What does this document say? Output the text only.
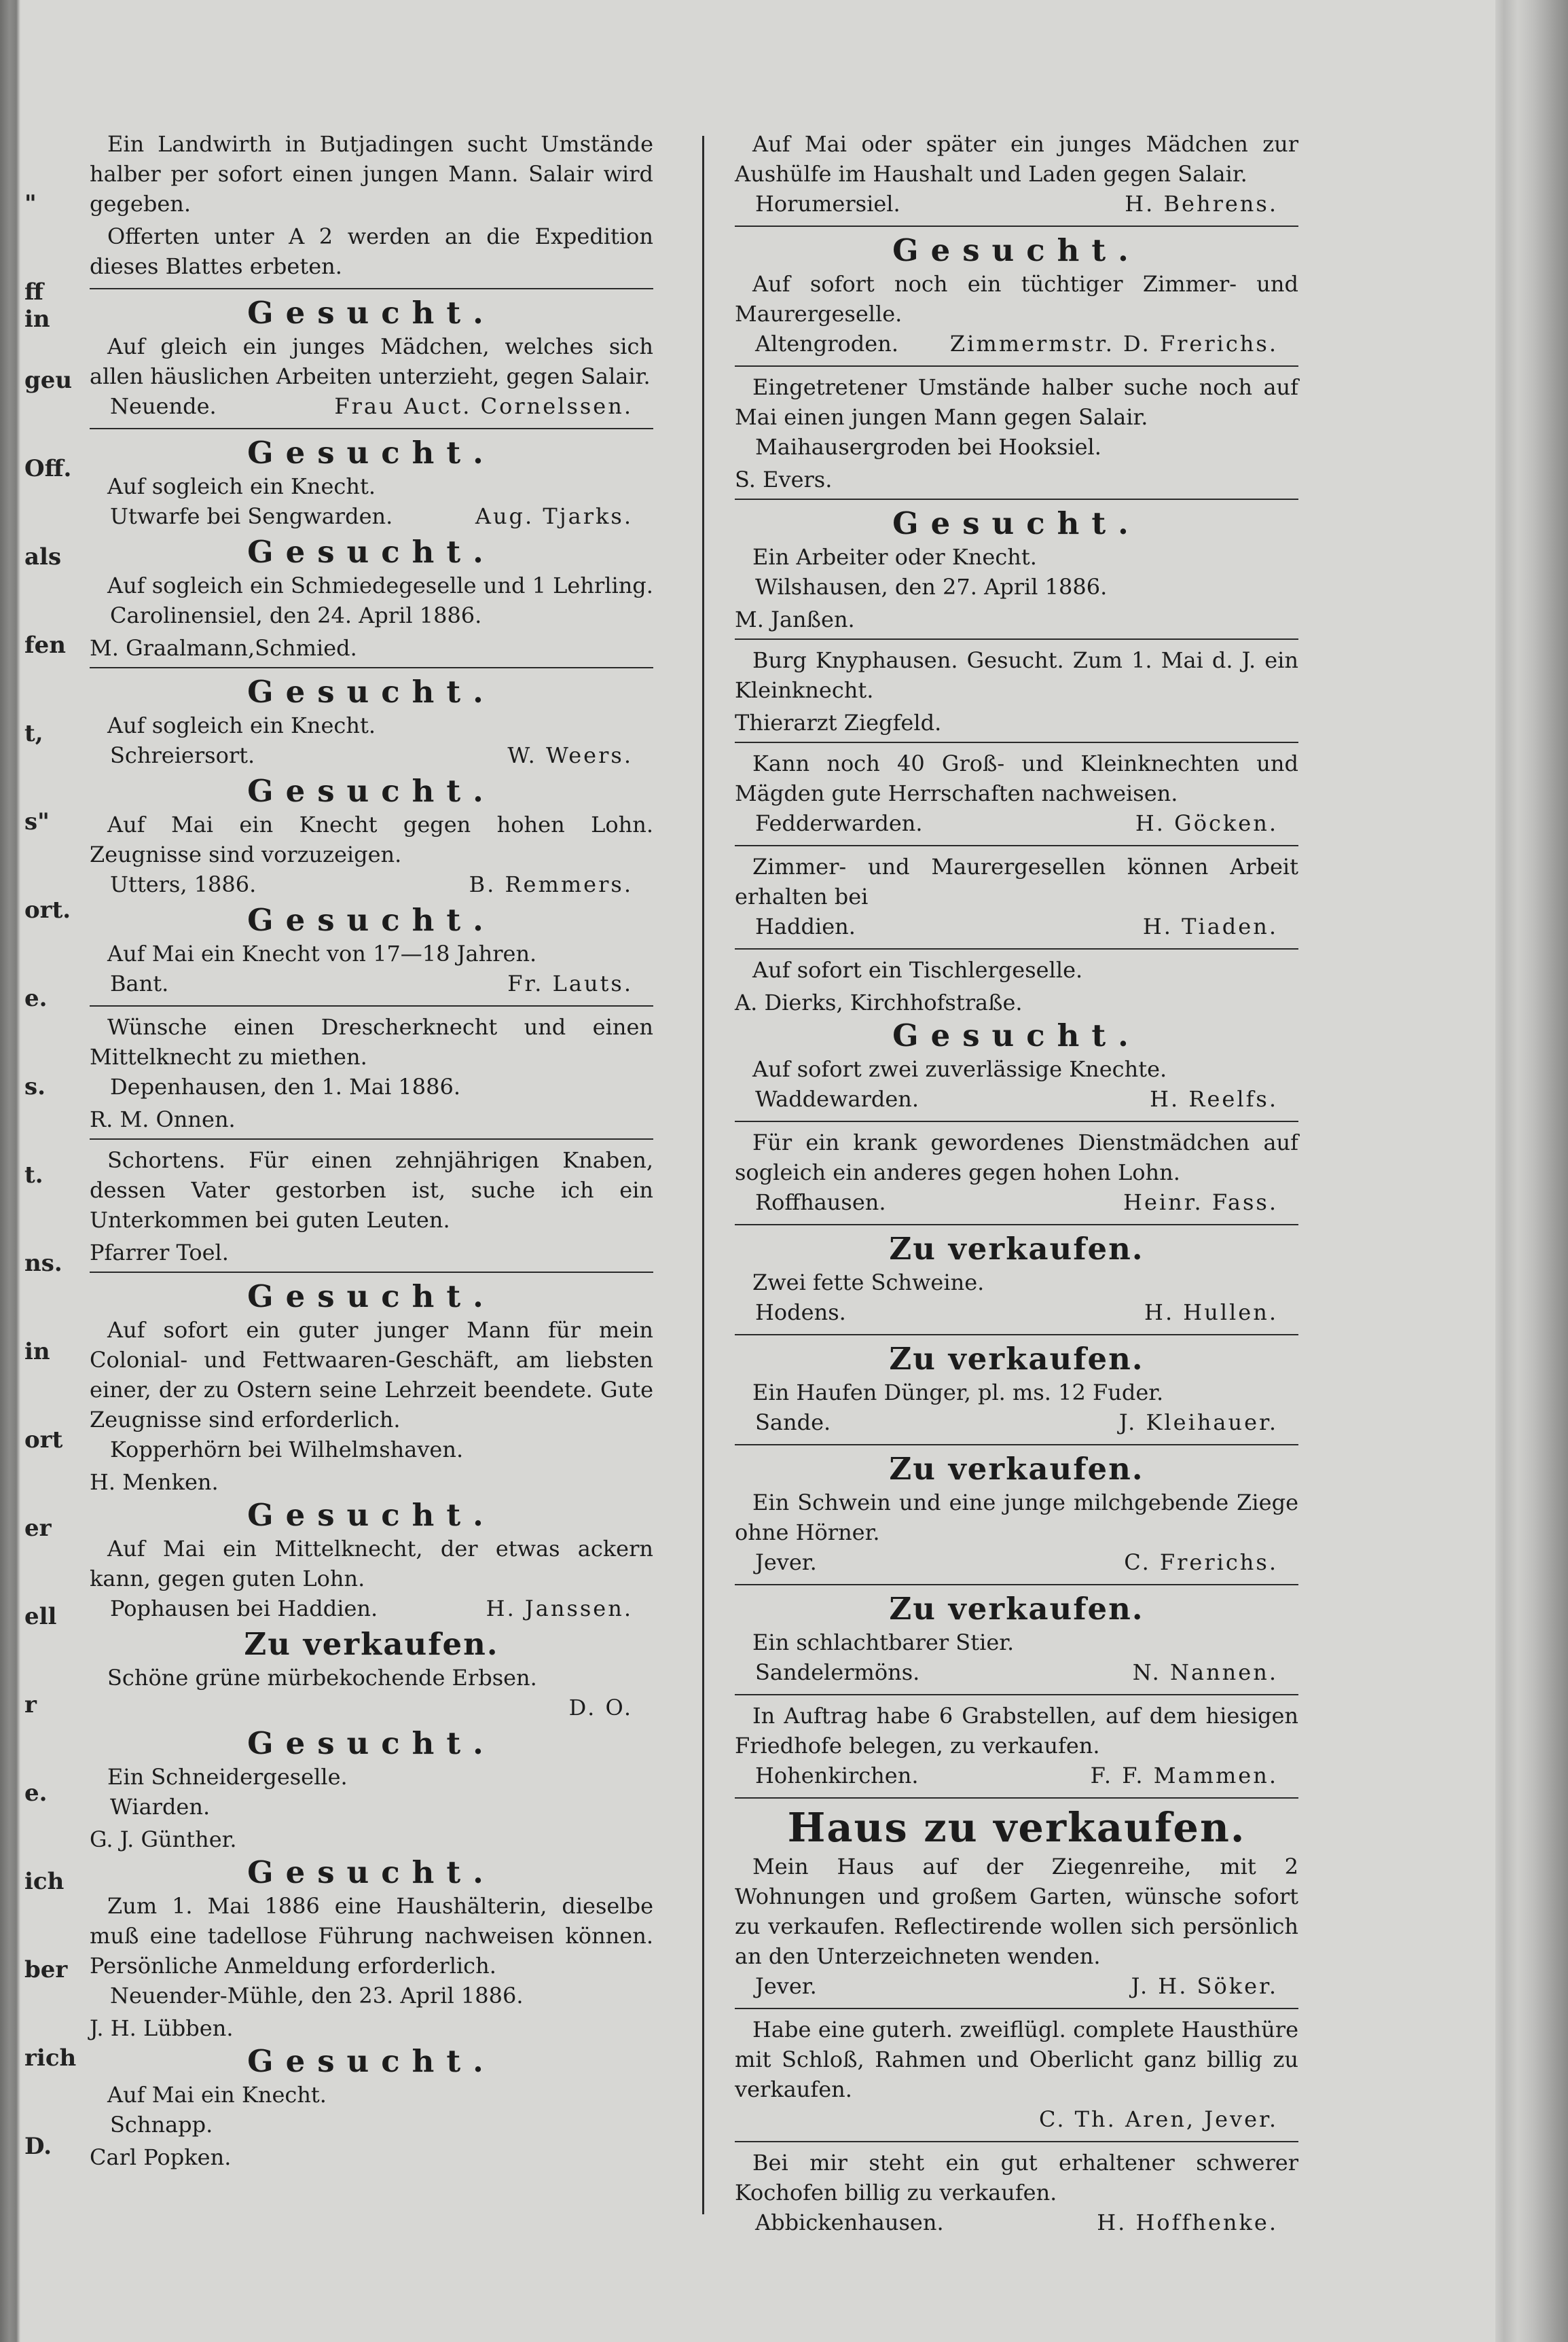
"
ff in
geu
Off.
als
fen
t,
s"
ort.
e.
s.
t.
ns.
in
ort
er
ell
r
e.
ich
ber
rich
D.
Ein Landwirth in Butjadingen sucht Umstände halber per sofort einen jungen Mann. Salair wird gegeben.
Offerten unter A 2 werden an die Expedition dieses Blattes erbeten.
Gesucht.
Auf gleich ein junges Mädchen, welches sich allen häuslichen Arbeiten unterzieht, gegen Salair.
Neuende.	Frau Auct. Cornelssen.
Gesucht.
Auf sogleich ein Knecht.
Utwarfe bei Sengwarden.	Aug. Tjarks.
Gesucht.
Auf sogleich ein Schmiedegeselle und 1 Lehrling.
Carolinensiel, den 24. April 1886.
M. Graalmann,Schmied.
Gesucht.
Auf sogleich ein Knecht.
Schreiersort.	W. Weers.
Gesucht.
Auf Mai ein Knecht gegen hohen Lohn. Zeugnisse sind vorzuzeigen.
Utters, 1886.	B. Remmers.
Gesucht.
Auf Mai ein Knecht von 17—18 Jahren.
Bant.	Fr. Lauts.
Wünsche einen Drescherknecht und einen Mittelknecht zu miethen.
Depenhausen, den 1. Mai 1886.
R. M. Onnen.
Schortens. Für einen zehnjährigen Knaben, dessen Vater gestorben ist, suche ich ein Unterkommen bei guten Leuten.
Pfarrer Toel.
Gesucht.
Auf sofort ein guter junger Mann für mein Colonial- und Fettwaaren-Geschäft, am liebsten einer, der zu Ostern seine Lehrzeit beendete. Gute Zeugnisse sind erforderlich.
Kopperhörn bei Wilhelmshaven.
H. Menken.
Gesucht.
Auf Mai ein Mittelknecht, der etwas ackern kann, gegen guten Lohn.
Pophausen bei Haddien.	H. Janssen.
Zu verkaufen.
Schöne grüne mürbekochende Erbsen.
D. O.
Gesucht.
Ein Schneidergeselle.
Wiarden.
G. J. Günther.
Gesucht.
Zum 1. Mai 1886 eine Haushälterin, dieselbe muß eine tadellose Führung nachweisen können. Persönliche Anmeldung erforderlich.
Neuender-Mühle, den 23. April 1886.
J. H. Lübben.
Gesucht.
Auf Mai ein Knecht.
Schnapp.
Carl Popken.
Auf Mai oder später ein junges Mädchen zur Aushülfe im Haushalt und Laden gegen Salair.
Horumersiel.	H. Behrens.
Gesucht.
Auf sofort noch ein tüchtiger Zimmer- und Maurergeselle.
Altengroden. Zimmermstr. D. Frerichs.
Eingetretener Umstände halber suche noch auf Mai einen jungen Mann gegen Salair.
Maihausergroden bei Hooksiel.
S. Evers.
Gesucht.
Ein Arbeiter oder Knecht.
Wilshausen, den 27. April 1886.
M. Janßen.
Burg Knyphausen. Gesucht. Zum 1. Mai d. J. ein Kleinknecht.
Thierarzt Ziegfeld.
Kann noch 40 Groß- und Kleinknechten und Mägden gute Herrschaften nachweisen.
Fedderwarden.	H. Göcken.
Zimmer- und Maurergesellen können Arbeit erhalten bei
Haddien.	H. Tiaden.
Auf sofort ein Tischlergeselle.
A. Dierks, Kirchhofstraße.
Gesucht.
Auf sofort zwei zuverlässige Knechte.
Waddewarden.	H. Reelfs.
Für ein krank gewordenes Dienstmädchen auf sogleich ein anderes gegen hohen Lohn.
Roffhausen.	Heinr. Fass.
Zu verkaufen.
Zwei fette Schweine.
Hodens.	H. Hullen.
Zu verkaufen.
Ein Haufen Dünger, pl. ms. 12 Fuder.
Sande.	J. Kleihauer.
Zu verkaufen.
Ein Schwein und eine junge milchgebende Ziege ohne Hörner.
Jever.	C. Frerichs.
Zu verkaufen.
Ein schlachtbarer Stier.
Sandelermöns.	N. Nannen.
In Auftrag habe 6 Grabstellen, auf dem hiesigen Friedhofe belegen, zu verkaufen.
Hohenkirchen.	F. F. Mammen.
Haus zu verkaufen.
Mein Haus auf der Ziegenreihe, mit 2 Wohnungen und großem Garten, wünsche sofort zu verkaufen. Reflectirende wollen sich persönlich an den Unterzeichneten wenden.
Jever.	J. H. Söker.
Habe eine guterh. zweiflügl. complete Hausthüre mit Schloß, Rahmen und Oberlicht ganz billig zu verkaufen.
C. Th. Aren, Jever.
Bei mir steht ein gut erhaltener schwerer Kochofen billig zu verkaufen.
Abbickenhausen.	H. Hoffhenke.
